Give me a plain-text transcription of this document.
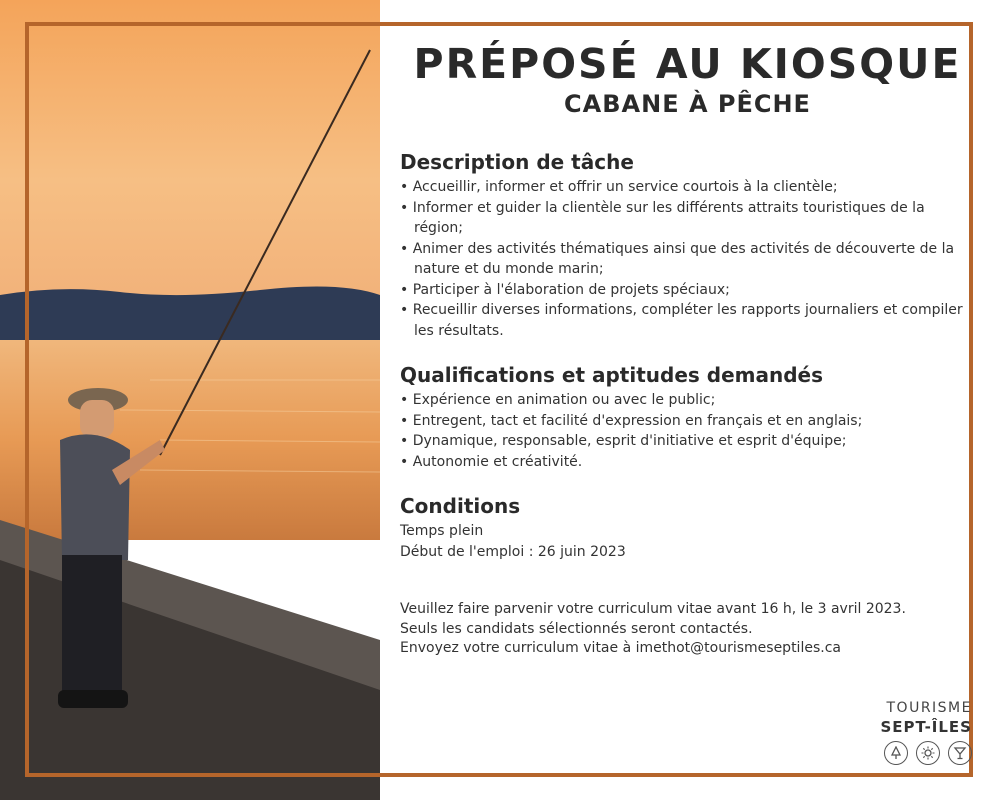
PRÉPOSÉ AU KIOSQUE
CABANE À PÊCHE
Description de tâche
• Accueillir, informer et offrir un service courtois à la clientèle;
• Informer et guider la clientèle sur les différents attraits touristiques de la région;
• Animer des activités thématiques ainsi que des activités de découverte de la nature et du monde marin;
• Participer à l'élaboration de projets spéciaux;
• Recueillir diverses informations, compléter les rapports journaliers et compiler les résultats.
Qualifications et aptitudes demandés
• Expérience en animation ou avec le public;
• Entregent, tact et facilité d'expression en français et en anglais;
• Dynamique, responsable, esprit d'initiative et esprit d'équipe;
• Autonomie et créativité.
Conditions
Temps plein
Début de l'emploi : 26 juin 2023
Veuillez faire parvenir votre curriculum vitae avant 16 h, le 3 avril 2023.
Seuls les candidats sélectionnés seront contactés.
Envoyez votre curriculum vitae à imethot@tourismeseptiles.ca
TOURISME
SEPT-ÎLES
